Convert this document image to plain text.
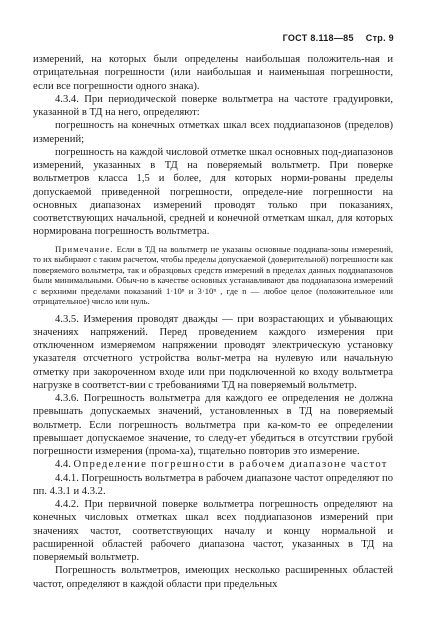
ГОСТ 8.118—85 Стр. 9

измерений, на которых были определены наибольшая положитель-ная и отрицательная погрешности (или наибольшая и наименьшая погрешности, если все погрешности одного знака).

4.3.4. При периодической поверке вольтметра на частоте градуировки, указанной в ТД на него, определяют:

погрешность на конечных отметках шкал всех поддиапазонов (пределов) измерений;

погрешность на каждой числовой отметке шкал основных под-диапазонов измерений, указанных в ТД на поверяемый вольтметр. При поверке вольтметров класса 1,5 и более, для которых норми-рованы пределы допускаемой приведенной погрешности, определе-ние погрешности на основных диапазонах измерений проводят только при показаниях, соответствующих начальной, средней и конечной отметкам шкал, для которых нормирована погрешность вольтметра.

Примечание. Если в ТД на вольтметр не указаны основные поддиапа-зоны измерений, то их выбирают с таким расчетом, чтобы пределы допускаемой (доверительной) погрешности как поверяемого вольтметра, так и образцовых средств измерений в пределах данных поддиапазонов были минимальными. Обыч-но в качестве основных устанавливают два поддиапазона измерений с верхними пределами показаний 1·10ⁿ и 3·10ⁿ , где n — любое целое (положительное или отрицательное) число или нуль.

4.3.5. Измерения проводят дважды — при возрастающих и убывающих значениях напряжений. Перед проведением каждого измерения при отключенном измеряемом напряжении проводят электрическую установку указателя отсчетного устройства вольт-метра на нулевую или начальную отметку при закороченном входе или при подключенной ко входу вольтметра нагрузке в соответст-вии с требованиями ТД на поверяемый вольтметр.

4.3.6. Погрешность вольтметра для каждого ее определения не должна превышать допускаемых значений, установленных в ТД на поверяемый вольтметр. Если погрешность вольтметра при ка-ком-то ее определении превышает допускаемое значение, то следу-ет убедиться в отсутствии грубой погрешности измерения (прома-ха), тщательно повторив это измерение.

4.4. Определение погрешности в рабочем диапазоне частот

4.4.1. Погрешность вольтметра в рабочем диапазоне частот определяют по пп. 4.3.1 и 4.3.2.

4.4.2. При первичной поверке вольтметра погрешность определяют на конечных числовых отметках шкал всех поддиапазонов измерений при значениях частот, соответствующих началу и концу нормальной и расширенной областей рабочего диапазона частот, указанных в ТД на поверяемый вольтметр.

Погрешность вольтметров, имеющих несколько расширенных областей частот, определяют в каждой области при предельных
